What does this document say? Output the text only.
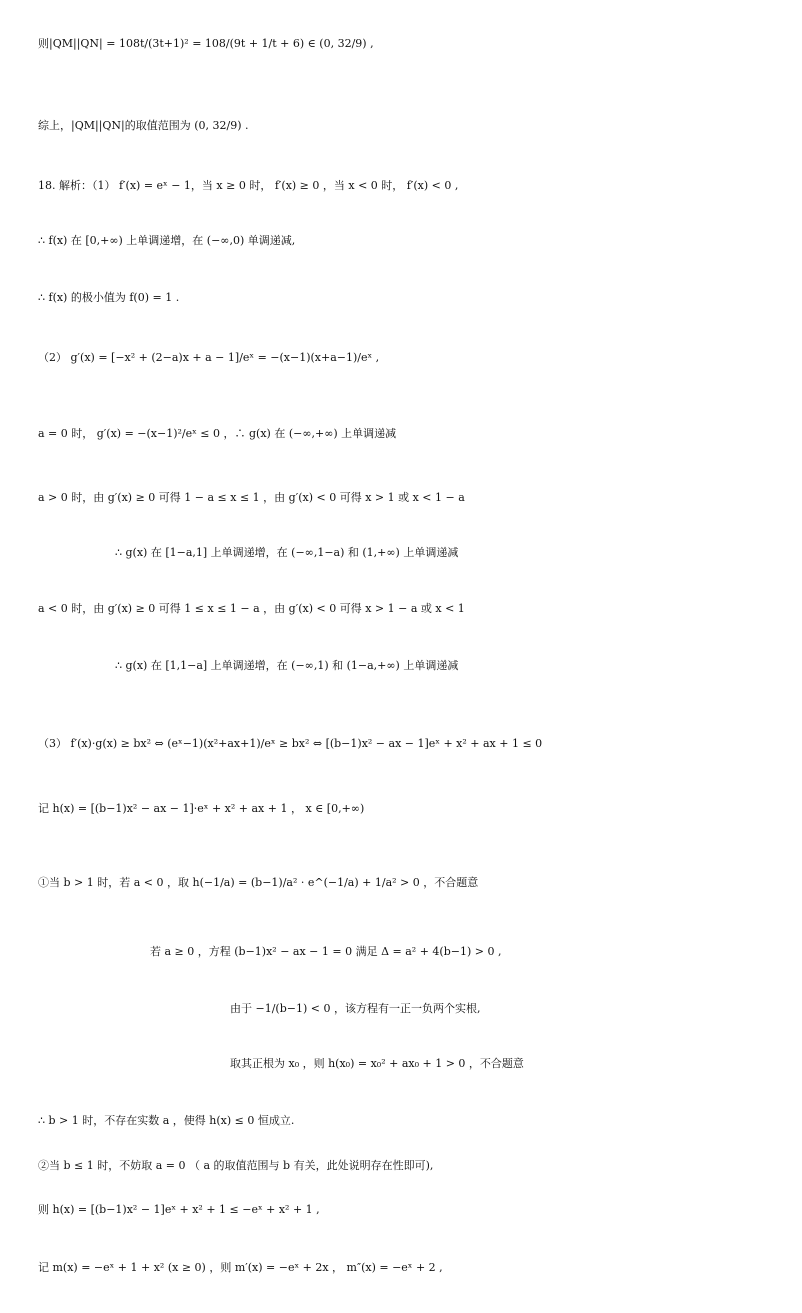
则|QM||QN| = 108t/(3t+1)² = 108/(9t + 1/t + 6) ∈ (0, 32/9) ,
综上，|QM||QN|的取值范围为 (0, 32/9) .
18. 解析：（1） f′(x) = eˣ − 1，当 x ≥ 0 时， f′(x) ≥ 0 ，当 x < 0 时， f′(x) < 0 ,
∴ f(x) 在 [0,+∞) 上单调递增，在 (−∞,0) 单调递减,
∴ f(x) 的极小值为 f(0) = 1 .
（2） g′(x) = [−x² + (2−a)x + a − 1]/eˣ = −(x−1)(x+a−1)/eˣ ,
a = 0 时， g′(x) = −(x−1)²/eˣ ≤ 0 ，∴ g(x) 在 (−∞,+∞) 上单调递减
a > 0 时，由 g′(x) ≥ 0 可得 1 − a ≤ x ≤ 1 ，由 g′(x) < 0 可得 x > 1 或 x < 1 − a
∴ g(x) 在 [1−a,1] 上单调递增，在 (−∞,1−a) 和 (1,+∞) 上单调递减
a < 0 时，由 g′(x) ≥ 0 可得 1 ≤ x ≤ 1 − a ，由 g′(x) < 0 可得 x > 1 − a 或 x < 1
∴ g(x) 在 [1,1−a] 上单调递增，在 (−∞,1) 和 (1−a,+∞) 上单调递减
（3） f′(x)·g(x) ≥ bx² ⇔ (eˣ−1)(x²+ax+1)/eˣ ≥ bx² ⇔ [(b−1)x² − ax − 1]eˣ + x² + ax + 1 ≤ 0
记 h(x) = [(b−1)x² − ax − 1]·eˣ + x² + ax + 1 ， x ∈ [0,+∞)
①当 b > 1 时，若 a < 0 ，取 h(−1/a) = (b−1)/a² · e^(−1/a) + 1/a² > 0 ，不合题意
若 a ≥ 0 ，方程 (b−1)x² − ax − 1 = 0 满足 Δ = a² + 4(b−1) > 0 ,
由于 −1/(b−1) < 0 ，该方程有一正一负两个实根,
取其正根为 x₀ ，则 h(x₀) = x₀² + ax₀ + 1 > 0 ，不合题意
∴ b > 1 时，不存在实数 a ，使得 h(x) ≤ 0 恒成立.
②当 b ≤ 1 时，不妨取 a = 0 （ a 的取值范围与 b 有关，此处说明存在性即可),
则 h(x) = [(b−1)x² − 1]eˣ + x² + 1 ≤ −eˣ + x² + 1 ,
记 m(x) = −eˣ + 1 + x² (x ≥ 0) ，则 m′(x) = −eˣ + 2x ， m″(x) = −eˣ + 2 ,
